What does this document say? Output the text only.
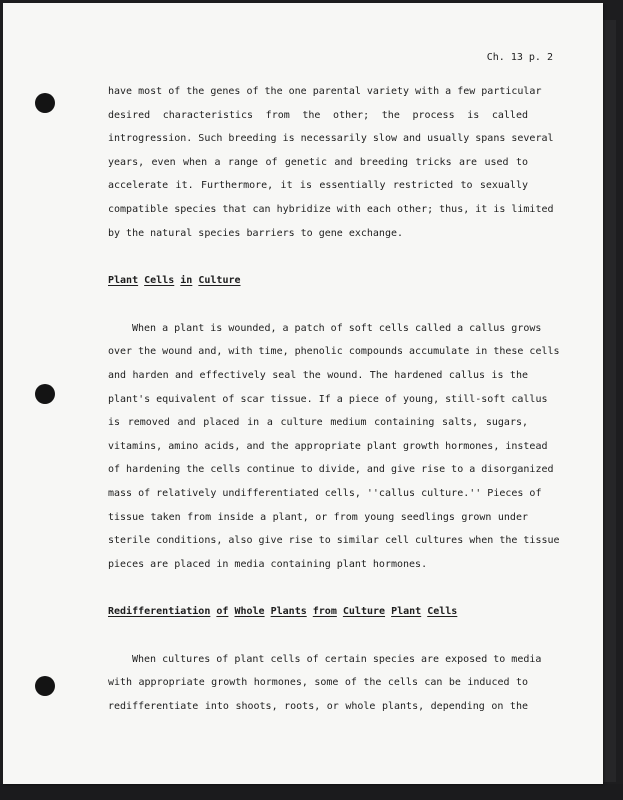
Ch. 13 p. 2
have most of the genes of the one parental variety with a few particular
desired characteristics from the other; the process is called
introgression. Such breeding is necessarily slow and usually spans several
years, even when a range of genetic and breeding tricks are used to
accelerate it. Furthermore, it is essentially restricted to sexually
compatible species that can hybridize with each other; thus, it is limited
by the natural species barriers to gene exchange.
Plant Cells in Culture
When a plant is wounded, a patch of soft cells called a callus grows
over the wound and, with time, phenolic compounds accumulate in these cells
and harden and effectively seal the wound. The hardened callus is the
plant's equivalent of scar tissue. If a piece of young, still-soft callus
is removed and placed in a culture medium containing salts, sugars,
vitamins, amino acids, and the appropriate plant growth hormones, instead
of hardening the cells continue to divide, and give rise to a disorganized
mass of relatively undifferentiated cells, ''callus culture.'' Pieces of
tissue taken from inside a plant, or from young seedlings grown under
sterile conditions, also give rise to similar cell cultures when the tissue
pieces are placed in media containing plant hormones.
Redifferentiation of Whole Plants from Culture Plant Cells
When cultures of plant cells of certain species are exposed to media
with appropriate growth hormones, some of the cells can be induced to
redifferentiate into shoots, roots, or whole plants, depending on the
